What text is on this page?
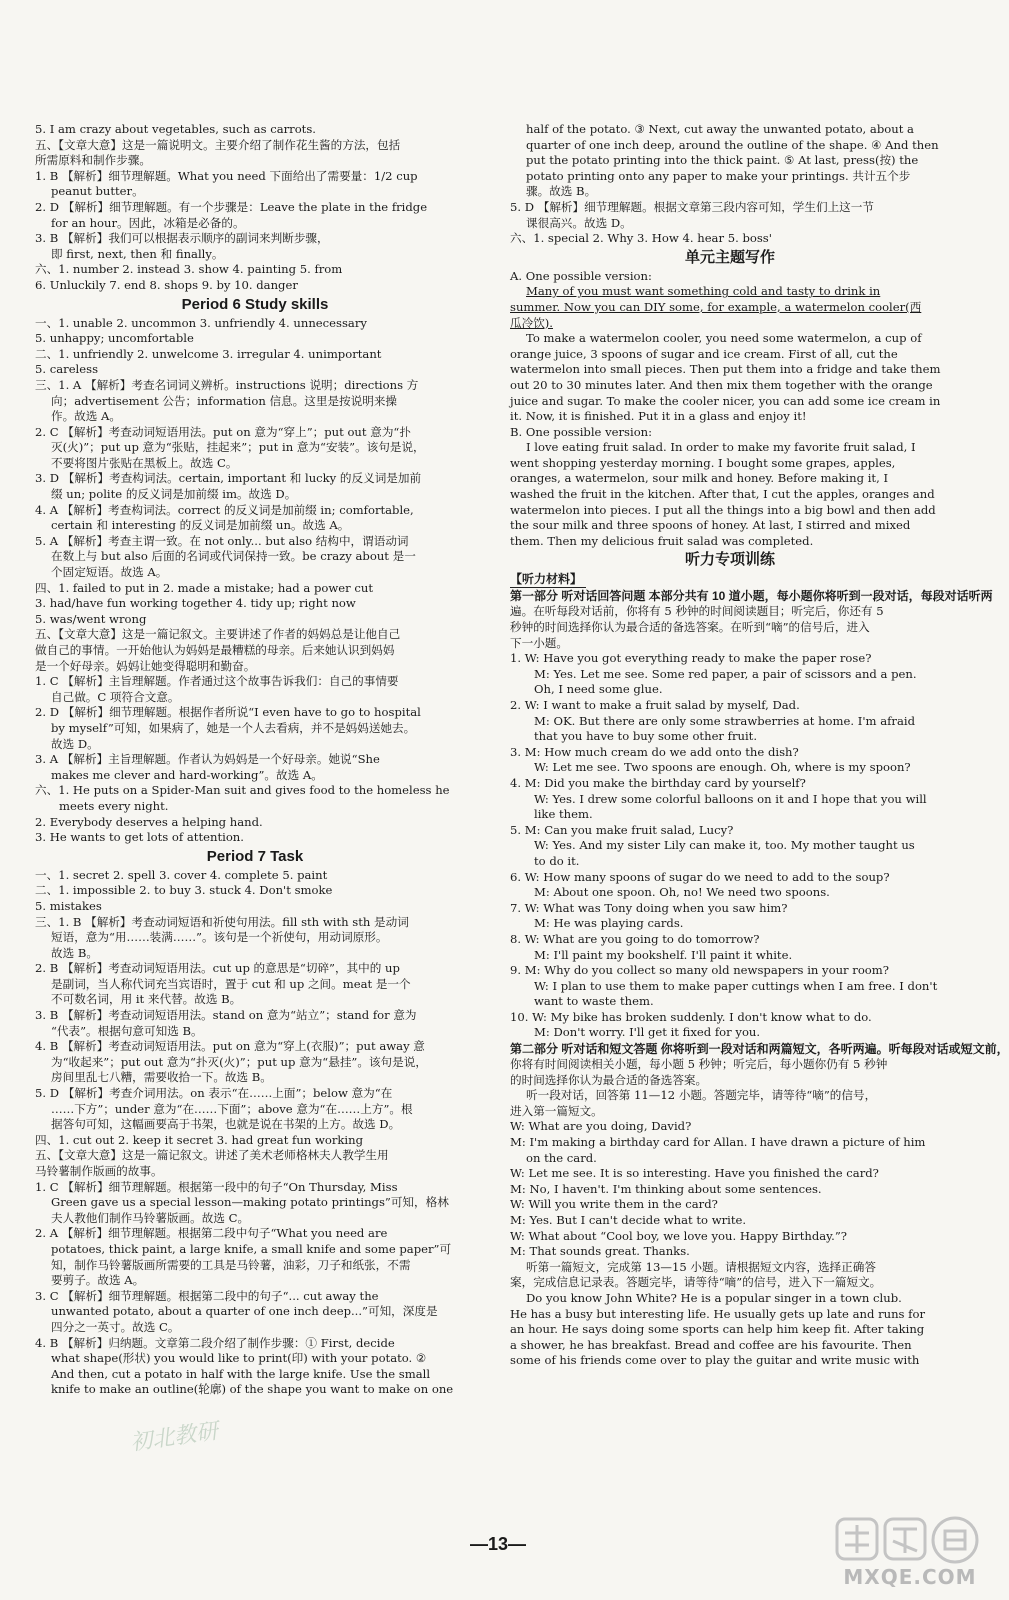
5. I am crazy about vegetables, such as carrots.
五、【文章大意】这是一篇说明文。主要介绍了制作花生酱的方法，包括
所需原料和制作步骤。
1. B 【解析】细节理解题。What you need 下面给出了需要量：1/2 cup
peanut butter。
2. D 【解析】细节理解题。有一个步骤是：Leave the plate in the fridge
for an hour。因此，冰箱是必备的。
3. B 【解析】我们可以根据表示顺序的副词来判断步骤，
即 first, next, then 和 finally。
六、1. number 2. instead 3. show 4. painting 5. from
6. Unluckily 7. end 8. shops 9. by 10. danger
Period 6 Study skills
一、1. unable 2. uncommon 3. unfriendly 4. unnecessary
5. unhappy; uncomfortable
二、1. unfriendly 2. unwelcome 3. irregular 4. unimportant
5. careless
三、1. A 【解析】考查名词词义辨析。instructions 说明；directions 方
向；advertisement 公告；information 信息。这里是按说明来操
作。故选 A。
2. C 【解析】考查动词短语用法。put on 意为“穿上”；put out 意为“扑
灭(火)”；put up 意为“张贴，挂起来”；put in 意为“安装”。该句是说，
不要将图片张贴在黑板上。故选 C。
3. D 【解析】考查构词法。certain, important 和 lucky 的反义词是加前
缀 un; polite 的反义词是加前缀 im。故选 D。
4. A 【解析】考查构词法。correct 的反义词是加前缀 in; comfortable,
certain 和 interesting 的反义词是加前缀 un。故选 A。
5. A 【解析】考查主谓一致。在 not only... but also 结构中，谓语动词
在数上与 but also 后面的名词或代词保持一致。be crazy about 是一
个固定短语。故选 A。
四、1. failed to put in 2. made a mistake; had a power cut
3. had/have fun working together 4. tidy up; right now
5. was/went wrong
五、【文章大意】这是一篇记叙文。主要讲述了作者的妈妈总是让他自己
做自己的事情。一开始他认为妈妈是最糟糕的母亲。后来她认识到妈妈
是一个好母亲。妈妈让她变得聪明和勤奋。
1. C 【解析】主旨理解题。作者通过这个故事告诉我们：自己的事情要
自己做。C 项符合文意。
2. D 【解析】细节理解题。根据作者所说“I even have to go to hospital
by myself”可知，如果病了，她是一个人去看病，并不是妈妈送她去。
故选 D。
3. A 【解析】主旨理解题。作者认为妈妈是一个好母亲。她说“She
makes me clever and hard-working”。故选 A。
六、1. He puts on a Spider-Man suit and gives food to the homeless he
meets every night.
2. Everybody deserves a helping hand.
3. He wants to get lots of attention.
Period 7 Task
一、1. secret 2. spell 3. cover 4. complete 5. paint
二、1. impossible 2. to buy 3. stuck 4. Don't smoke
5. mistakes
三、1. B 【解析】考查动词短语和祈使句用法。fill sth with sth 是动词
短语，意为“用……装满……”。该句是一个祈使句，用动词原形。
故选 B。
2. B 【解析】考查动词短语用法。cut up 的意思是“切碎”，其中的 up
是副词，当人称代词充当宾语时，置于 cut 和 up 之间。meat 是一个
不可数名词，用 it 来代替。故选 B。
3. B 【解析】考查动词短语用法。stand on 意为“站立”；stand for 意为
“代表”。根据句意可知选 B。
4. B 【解析】考查动词短语用法。put on 意为“穿上(衣服)”；put away 意
为“收起来”；put out 意为“扑灭(火)”；put up 意为“悬挂”。该句是说，
房间里乱七八糟，需要收拾一下。故选 B。
5. D 【解析】考查介词用法。on 表示“在……上面”；below 意为“在
……下方”；under 意为“在……下面”；above 意为“在……上方”。根
据答句可知，这幅画要高于书架，也就是说在书架的上方。故选 D。
四、1. cut out 2. keep it secret 3. had great fun working
五、【文章大意】这是一篇记叙文。讲述了美术老师格林夫人教学生用
马铃薯制作版画的故事。
1. C 【解析】细节理解题。根据第一段中的句子“On Thursday, Miss
Green gave us a special lesson—making potato printings”可知，格林
夫人教他们制作马铃薯版画。故选 C。
2. A 【解析】细节理解题。根据第二段中句子“What you need are
potatoes, thick paint, a large knife, a small knife and some paper”可
知，制作马铃薯版画所需要的工具是马铃薯，油彩，刀子和纸张，不需
要剪子。故选 A。
3. C 【解析】细节理解题。根据第二段中的句子“... cut away the
unwanted potato, about a quarter of one inch deep...”可知，深度是
四分之一英寸。故选 C。
4. B 【解析】归纳题。文章第二段介绍了制作步骤：① First, decide
what shape(形状) you would like to print(印) with your potato. ②
And then, cut a potato in half with the large knife. Use the small
knife to make an outline(轮廓) of the shape you want to make on one
half of the potato. ③ Next, cut away the unwanted potato, about a
quarter of one inch deep, around the outline of the shape. ④ And then
put the potato printing into the thick paint. ⑤ At last, press(按) the
potato printing onto any paper to make your printings. 共计五个步
骤。故选 B。
5. D 【解析】细节理解题。根据文章第三段内容可知，学生们上这一节
课很高兴。故选 D。
六、1. special 2. Why 3. How 4. hear 5. boss'
单元主题写作
A. One possible version:
Many of you must want something cold and tasty to drink in
summer. Now you can DIY some, for example, a watermelon cooler(西
瓜冷饮).
To make a watermelon cooler, you need some watermelon, a cup of
orange juice, 3 spoons of sugar and ice cream. First of all, cut the
watermelon into small pieces. Then put them into a fridge and take them
out 20 to 30 minutes later. And then mix them together with the orange
juice and sugar. To make the cooler nicer, you can add some ice cream in
it. Now, it is finished. Put it in a glass and enjoy it!
B. One possible version:
I love eating fruit salad. In order to make my favorite fruit salad, I
went shopping yesterday morning. I bought some grapes, apples,
oranges, a watermelon, sour milk and honey. Before making it, I
washed the fruit in the kitchen. After that, I cut the apples, oranges and
watermelon into pieces. I put all the things into a big bowl and then add
the sour milk and three spoons of honey. At last, I stirred and mixed
them. Then my delicious fruit salad was completed.
听力专项训练
【听力材料】
第一部分 听对话回答问题 本部分共有 10 道小题，每小题你将听到一段对话，每段对话听两
遍。在听每段对话前，你将有 5 秒钟的时间阅读题目；听完后，你还有 5
秒钟的时间选择你认为最合适的备选答案。在听到“嘀”的信号后，进入
下一小题。
1. W: Have you got everything ready to make the paper rose?
M: Yes. Let me see. Some red paper, a pair of scissors and a pen.
Oh, I need some glue.
2. W: I want to make a fruit salad by myself, Dad.
M: OK. But there are only some strawberries at home. I'm afraid
that you have to buy some other fruit.
3. M: How much cream do we add onto the dish?
W: Let me see. Two spoons are enough. Oh, where is my spoon?
4. M: Did you make the birthday card by yourself?
W: Yes. I drew some colorful balloons on it and I hope that you will
like them.
5. M: Can you make fruit salad, Lucy?
W: Yes. And my sister Lily can make it, too. My mother taught us
to do it.
6. W: How many spoons of sugar do we need to add to the soup?
M: About one spoon. Oh, no! We need two spoons.
7. W: What was Tony doing when you saw him?
M: He was playing cards.
8. W: What are you going to do tomorrow?
M: I'll paint my bookshelf. I'll paint it white.
9. M: Why do you collect so many old newspapers in your room?
W: I plan to use them to make paper cuttings when I am free. I don't
want to waste them.
10. W: My bike has broken suddenly. I don't know what to do.
M: Don't worry. I'll get it fixed for you.
第二部分 听对话和短文答题 你将听到一段对话和两篇短文，各听两遍。听每段对话或短文前，
你将有时间阅读相关小题，每小题 5 秒钟；听完后，每小题你仍有 5 秒钟
的时间选择你认为最合适的备选答案。
听一段对话，回答第 11—12 小题。答题完毕，请等待“嘀”的信号，
进入第一篇短文。
W: What are you doing, David?
M: I'm making a birthday card for Allan. I have drawn a picture of him
on the card.
W: Let me see. It is so interesting. Have you finished the card?
M: No, I haven't. I'm thinking about some sentences.
W: Will you write them in the card?
M: Yes. But I can't decide what to write.
W: What about “Cool boy, we love you. Happy Birthday.”?
M: That sounds great. Thanks.
听第一篇短文，完成第 13—15 小题。请根据短文内容，选择正确答
案，完成信息记录表。答题完毕，请等待“嘀”的信号，进入下一篇短文。
Do you know John White? He is a popular singer in a town club.
He has a busy but interesting life. He usually gets up late and runs for
an hour. He says doing some sports can help him keep fit. After taking
a shower, he has breakfast. Bread and coffee are his favourite. Then
some of his friends come over to play the guitar and write music with
—13—
初北教研
MXQE.COM
